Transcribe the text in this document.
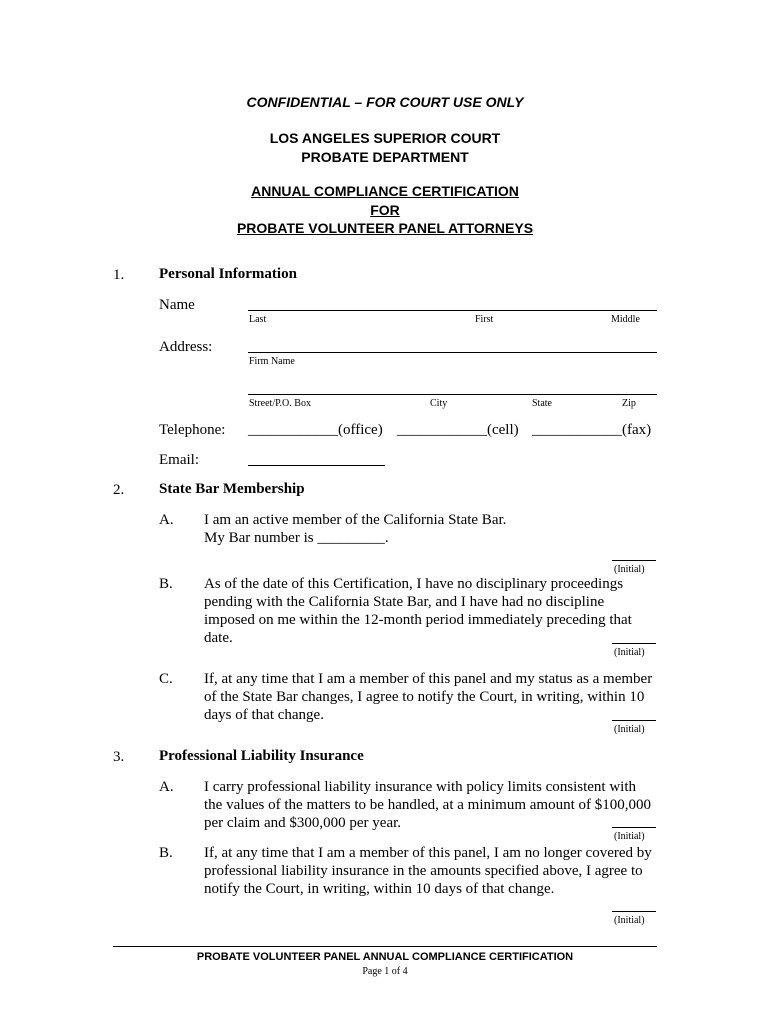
CONFIDENTIAL – FOR COURT USE ONLY
LOS ANGELES SUPERIOR COURT
PROBATE DEPARTMENT
ANNUAL COMPLIANCE CERTIFICATION
FOR
PROBATE VOLUNTEER PANEL ATTORNEYS
1. Personal Information
Name
Last	First	Middle
Address:
Firm Name
Street/P.O. Box	City	State	Zip
Telephone: ____________(office) ____________(cell) ____________(fax)
Email:
2. State Bar Membership
A. I am an active member of the California State Bar.
My Bar number is _________.
(Initial)
B. As of the date of this Certification, I have no disciplinary proceedings
pending with the California State Bar, and I have had no discipline
imposed on me within the 12-month period immediately preceding that
date.
(Initial)
C. If, at any time that I am a member of this panel and my status as a member
of the State Bar changes, I agree to notify the Court, in writing, within 10
days of that change.
(Initial)
3. Professional Liability Insurance
A. I carry professional liability insurance with policy limits consistent with
the values of the matters to be handled, at a minimum amount of $100,000
per claim and $300,000 per year.
(Initial)
B. If, at any time that I am a member of this panel, I am no longer covered by
professional liability insurance in the amounts specified above, I agree to
notify the Court, in writing, within 10 days of that change.
(Initial)
PROBATE VOLUNTEER PANEL ANNUAL COMPLIANCE CERTIFICATION
Page 1 of 4
